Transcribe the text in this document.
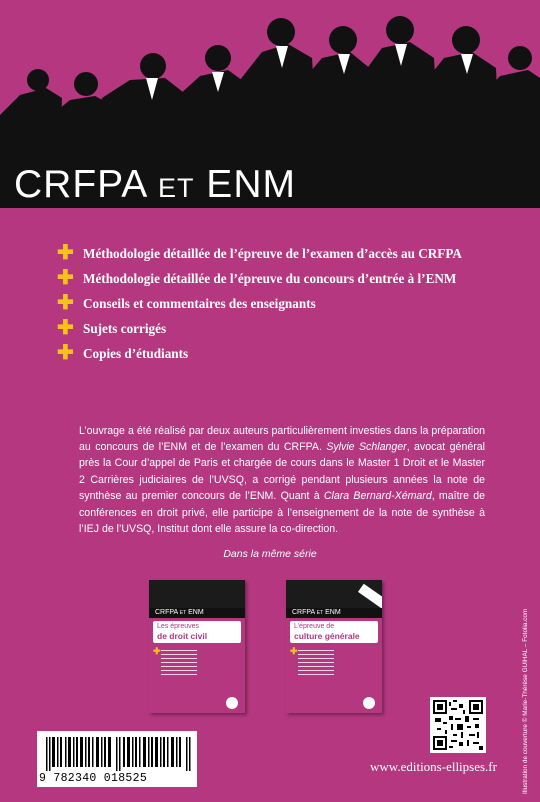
CRFPA et ENM
✚ Méthodologie détaillée de l’épreuve de l’examen d’accès au CRFPA
✚ Méthodologie détaillée de l’épreuve du concours d’entrée à l’ENM
✚ Conseils et commentaires des enseignants
✚ Sujets corrigés
✚ Copies d’étudiants

L’ouvrage a été réalisé par deux auteurs particulièrement investies dans la préparation au concours de l’ENM et de l’examen du CRFPA. Sylvie Schlanger, avocat général près la Cour d’appel de Paris et chargée de cours dans le Master 1 Droit et le Master 2 Carrières judiciaires de l’UVSQ, a corrigé pendant plusieurs années la note de synthèse au premier concours de l’ENM. Quant à Clara Bernard-Xémard, maître de conférences en droit privé, elle participe à l’enseignement de la note de synthèse à l’IEJ de l’UVSQ, Institut dont elle assure la co-direction.

Dans la même série
CRFPA et ENM
Les épreuves
de droit civil
✚
CRFPA et ENM
L’épreuve de
culture générale
✚
9 782340 018525
www.editions-ellipses.fr	Illustration de couverture © Marie-Thérèse GUIHAL – Fotolia.com
